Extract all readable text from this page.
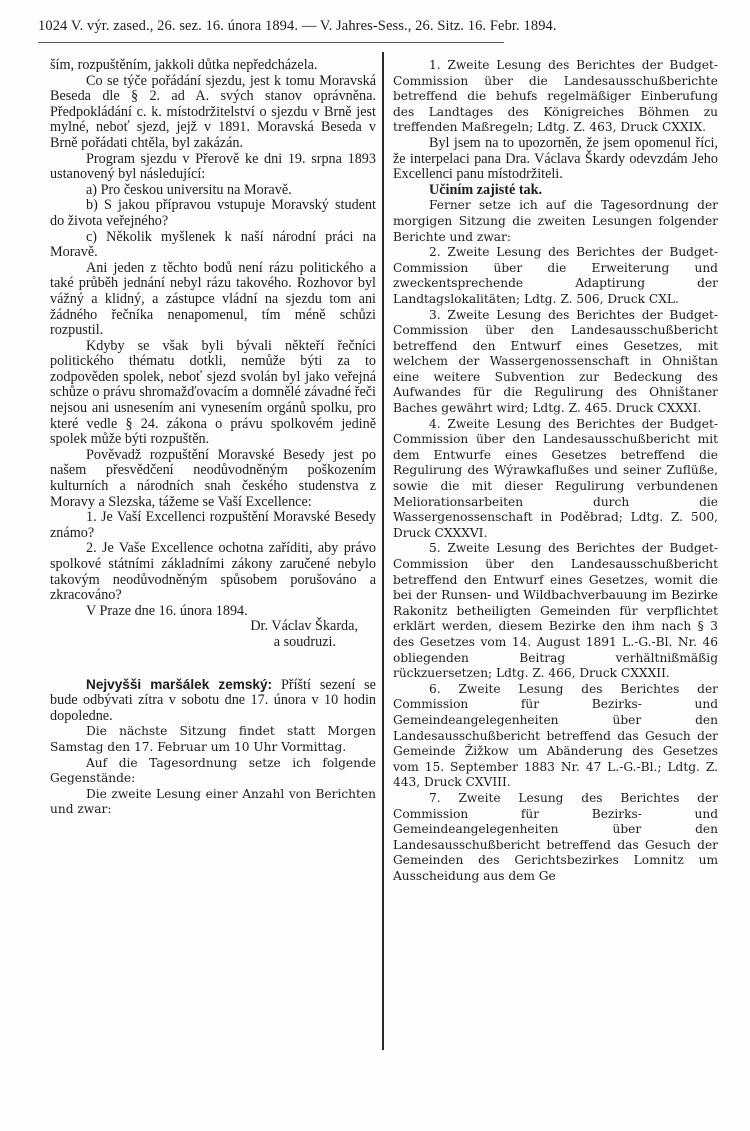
1024 V. výr. zased., 26. sez. 16. února 1894. — V. Jahres-Sess., 26. Sitz. 16. Febr. 1894.

ším, rozpuštěním, jakkoli důtka nepředcházela.

Co se týče pořádání sjezdu, jest k tomu Moravská Beseda dle § 2. ad A. svých stanov oprávněna. Předpokládání c. k. místodržitelství o sjezdu v Brně jest mylné, neboť sjezd, jejž v 1891. Moravská Beseda v Brně pořádati chtěla, byl zakázán.

Program sjezdu v Přerově ke dni 19. srpna 1893 ustanovený byl následující:

a) Pro českou universitu na Moravě.

b) S jakou přípravou vstupuje Moravský student do života veřejného?

c) Několik myšlenek k naší národní práci na Moravě.

Ani jeden z těchto bodů není rázu politického a také průběh jednání nebyl rázu takového. Rozhovor byl vážný a klidný, a zástupce vládní na sjezdu tom ani žádného řečníka nenapomenul, tím méně schůzi rozpustil.

Kdyby se však byli bývali někteří řečníci politického thématu dotkli, nemůže býti za to zodpověden spolek, neboť sjezd svolán byl jako veřejná schůze o právu shromažďovacím a domnělé závadné řeči nejsou ani usnesením ani vynesením orgánů spolku, pro které vedle § 24. zákona o právu spolkovém jedině spolek může býti rozpuštěn.

Pověvadž rozpuštění Moravské Besedy jest po našem přesvědčení neodůvodněným poškozením kulturních a národních snah českého studenstva z Moravy a Slezska, tážeme se Vaší Excellence:

1. Je Vaší Excellenci rozpuštění Moravské Besedy známo?

2. Je Vaše Excellence ochotna zaříditi, aby právo spolkové státními základními zákony zaručené nebylo takovým neodůvodněným spůsobem porušováno a zkracováno?

V Praze dne 16. února 1894.

Dr. Václav Škarda,

a soudruzi.

Nejvyšši maršálek zemský: Příští sezení se bude odbývati zítra v sobotu dne 17. února v 10 hodin dopoledne.

Die nächste Sitzung findet statt Morgen Samstag den 17. Februar um 10 Uhr Vormittag.

Auf die Tagesordnung setze ich folgende Gegenstände:

Die zweite Lesung einer Anzahl von Berichten und zwar:

1. Zweite Lesung des Berichtes der Budget-Commission über die Landesausschußberichte betreffend die behufs regelmäßiger Einberufung des Landtages des Königreiches Böhmen zu treffenden Maßregeln; Ldtg. Z. 463, Druck CXXIX.

Byl jsem na to upozorněn, že jsem opomenul říci, že interpelaci pana Dra. Václava Škardy odevzdám Jeho Excellenci panu místodržiteli.

Učiním zajisté tak.

Ferner setze ich auf die Tagesordnung der morgigen Sitzung die zweiten Lesungen folgender Berichte und zwar:

2. Zweite Lesung des Berichtes der Budget-Commission über die Erweiterung und zweckentsprechende Adaptirung der Landtagslokalitäten; Ldtg. Z. 506, Druck CXL.

3. Zweite Lesung des Berichtes der Budget-Commission über den Landesausschußbericht betreffend den Entwurf eines Gesetzes, mit welchem der Wassergenossenschaft in Ohništan eine weitere Subvention zur Bedeckung des Aufwandes für die Regulirung des Ohništaner Baches gewährt wird; Ldtg. Z. 465. Druck CXXXI.

4. Zweite Lesung des Berichtes der Budget-Commission über den Landesausschußbericht mit dem Entwurfe eines Gesetzes betreffend die Regulirung des Wýrawkaflußes und seiner Zuflüße, sowie die mit dieser Regulirung verbundenen Meliorationsarbeiten durch die Wassergenossenschaft in Poděbrad; Ldtg. Z. 500, Druck CXXXVI.

5. Zweite Lesung des Berichtes der Budget-Commission über den Landesausschußbericht betreffend den Entwurf eines Gesetzes, womit die bei der Runsen- und Wildbachverbauung im Bezirke Rakonitz betheiligten Gemeinden für verpflichtet erklärt werden, diesem Bezirke den ihm nach § 3 des Gesetzes vom 14. August 1891 L.-G.-Bl. Nr. 46 obliegenden Beitrag verhältnißmäßig rückzuersetzen; Ldtg. Z. 466, Druck CXXXII.

6. Zweite Lesung des Berichtes der Commission für Bezirks- und Gemeindeangelegenheiten über den Landesausschußbericht betreffend das Gesuch der Gemeinde Žižkow um Abänderung des Gesetzes vom 15. September 1883 Nr. 47 L.-G.-Bl.; Ldtg. Z. 443, Druck CXVIII.

7. Zweite Lesung des Berichtes der Commission für Bezirks- und Gemeindeangelegenheiten über den Landesausschußbericht betreffend das Gesuch der Gemeinden des Gerichtsbezirkes Lomnitz um Ausscheidung aus dem Ge
